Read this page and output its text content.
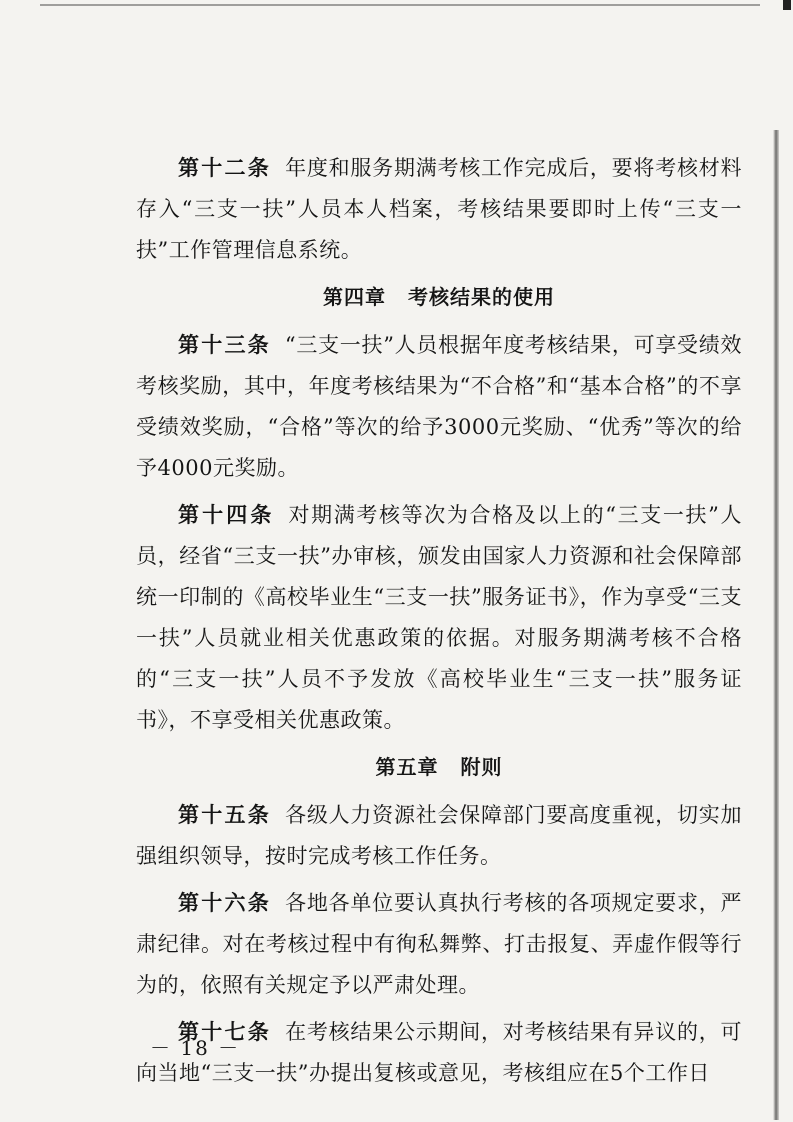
第十二条 年度和服务期满考核工作完成后，要将考核材料存入“三支一扶”人员本人档案，考核结果要即时上传“三支一扶”工作管理信息系统。

第四章 考核结果的使用

第十三条 “三支一扶”人员根据年度考核结果，可享受绩效考核奖励，其中，年度考核结果为“不合格”和“基本合格”的不享受绩效奖励，“合格”等次的给予3000元奖励、“优秀”等次的给予4000元奖励。

第十四条 对期满考核等次为合格及以上的“三支一扶”人员，经省“三支一扶”办审核，颁发由国家人力资源和社会保障部统一印制的《高校毕业生“三支一扶”服务证书》，作为享受“三支一扶”人员就业相关优惠政策的依据。对服务期满考核不合格的“三支一扶”人员不予发放《高校毕业生“三支一扶”服务证书》，不享受相关优惠政策。

第五章 附则

第十五条 各级人力资源社会保障部门要高度重视，切实加强组织领导，按时完成考核工作任务。

第十六条 各地各单位要认真执行考核的各项规定要求，严肃纪律。对在考核过程中有徇私舞弊、打击报复、弄虚作假等行为的，依照有关规定予以严肃处理。

第十七条 在考核结果公示期间，对考核结果有异议的，可向当地“三支一扶”办提出复核或意见，考核组应在5个工作日

－ 18 －
